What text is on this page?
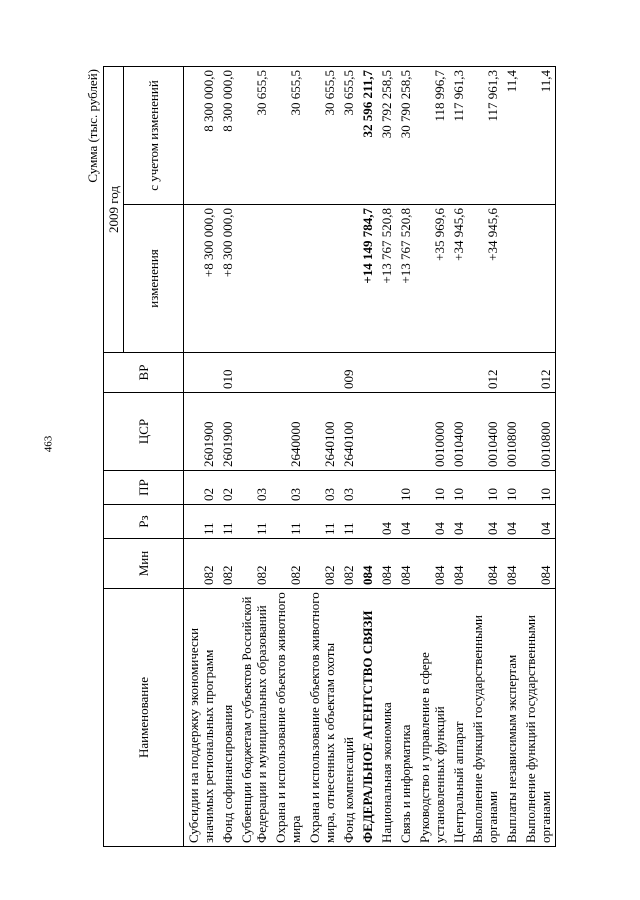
463
Сумма (тыс. рублей)
Наименование	Мин	Рз	ПР	ЦСР	ВР	2009 год	
						изменения	с учетом изменений

Субсидии на поддержку экономически значимых региональных программ	082	11	02	2601900		+8 300 000,0	8 300 000,0
Фонд софинансирования	082	11	02	2601900	010	+8 300 000,0	8 300 000,0
Субвенции бюджетам субъектов Российской Федерации и муниципальных образований	082	11	03				30 655,5
Охрана и использование объектов животного мира	082	11	03	2640000			30 655,5
Охрана и использование объектов животного мира, отнесенных к объектам охоты	082	11	03	2640100			30 655,5
Фонд компенсаций	082	11	03	2640100	009		30 655,5
ФЕДЕРАЛЬНОЕ АГЕНТСТВО СВЯЗИ	084					+14 149 784,7	32 596 211,7
Национальная экономика	084	04				+13 767 520,8	30 792 258,5
Связь и информатика	084	04	10			+13 767 520,8	30 790 258,5
Руководство и управление в сфере установленных функций	084	04	10	0010000		+35 969,6	118 996,7
Центральный аппарат	084	04	10	0010400		+34 945,6	117 961,3
Выполнение функций государственными органами	084	04	10	0010400	012	+34 945,6	117 961,3
Выплаты независимым экспертам	084	04	10	0010800			11,4
Выполнение функций государственными органами	084	04	10	0010800	012		11,4
